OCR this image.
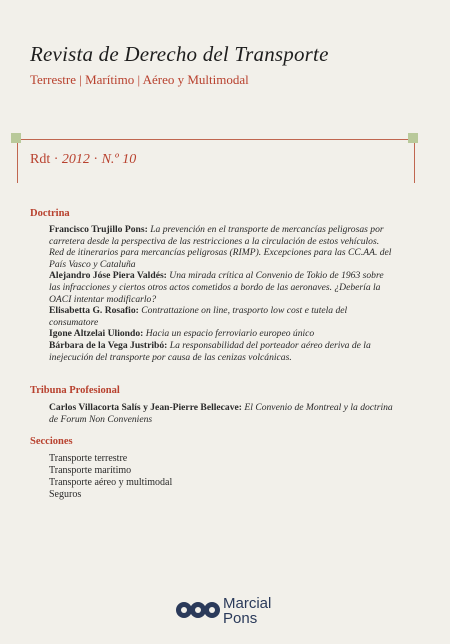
Revista de Derecho del Transporte
Terrestre | Marítimo | Aéreo y Multimodal
Rdt · 2012 · N.º 10
Doctrina
Francisco Trujillo Pons: La prevención en el transporte de mercancías peligrosas por carretera desde la perspectiva de las restricciones a la circulación de estos vehículos. Red de itinerarios para mercancías peligrosas (RIMP). Excepciones para las CC.AA. del País Vasco y Cataluña
Alejandro Jóse Piera Valdés: Una mirada crítica al Convenio de Tokio de 1963 sobre las infracciones y ciertos otros actos cometidos a bordo de las aeronaves. ¿Debería la OACI intentar modificarlo?
Elisabetta G. Rosafio: Contrattazione on line, trasporto low cost e tutela del consumatore
Igone Altzelai Uliondo: Hacia un espacio ferroviario europeo único
Bárbara de la Vega Justribó: La responsabilidad del porteador aéreo deriva de la inejecución del transporte por causa de las cenizas volcánicas.
Tribuna Profesional
Carlos Villacorta Salís y Jean-Pierre Bellecave: El Convenio de Montreal y la doctrina de Forum Non Conveniens
Secciones
Transporte terrestre
Transporte marítimo
Transporte aéreo y multimodal
Seguros
Marcial
Pons
